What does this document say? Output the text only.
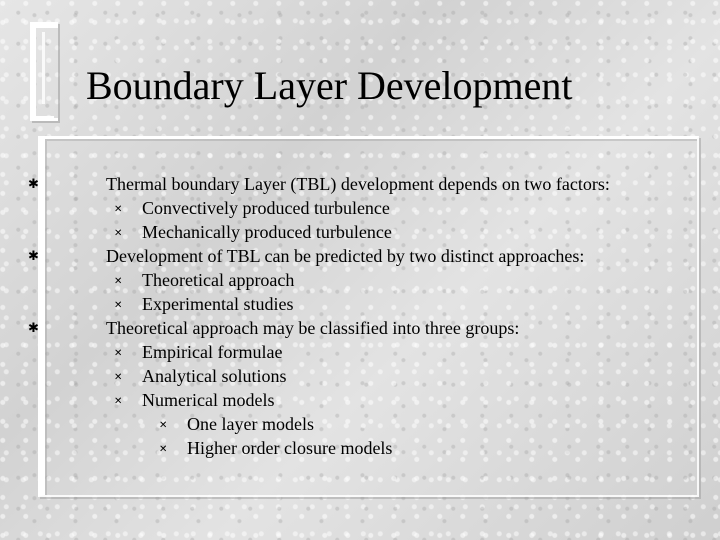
Boundary Layer Development
✱	Thermal boundary Layer (TBL) development depends on two factors:
✕ Convectively produced turbulence
✕ Mechanically produced turbulence
✱	Development of TBL can be predicted by two distinct approaches:
✕ Theoretical approach
✕ Experimental studies
✱	Theoretical approach may be classified into three groups:
✕ Empirical formulae
✕ Analytical solutions
✕ Numerical models
✕ One layer models
✕ Higher order closure models
